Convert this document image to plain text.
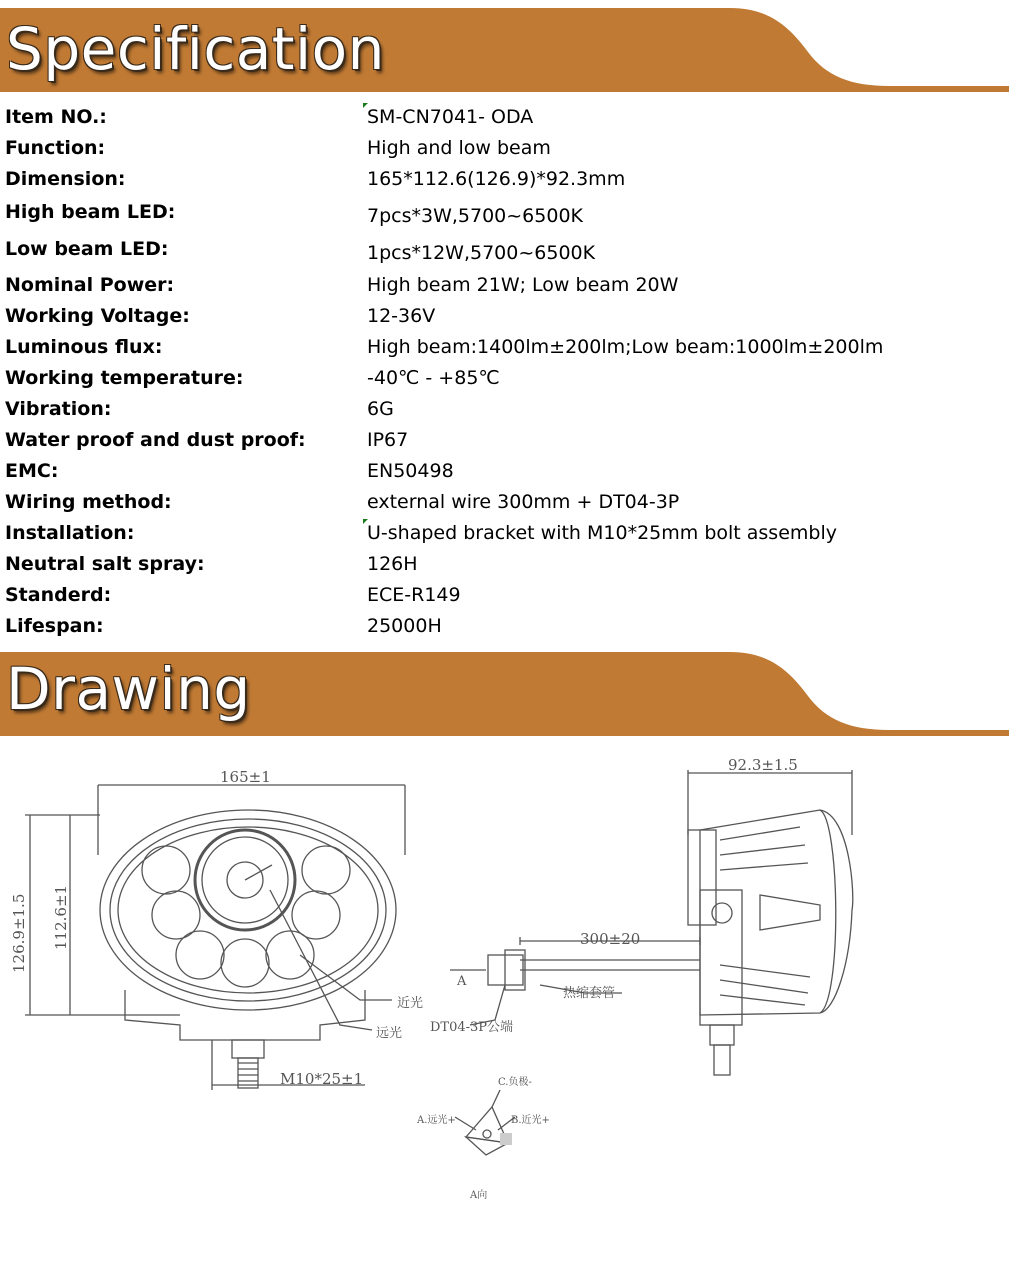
Specification
Item NO.:	SM-CN7041- ODA
Function:	High and low beam
Dimension:	165*112.6(126.9)*92.3mm
High beam LED:	7pcs*3W,5700~6500K
Low beam LED:	1pcs*12W,5700~6500K
Nominal Power:	High beam 21W; Low beam 20W
Working Voltage:	12-36V
Luminous flux:	High beam:1400lm±200lm;Low beam:1000lm±200lm
Working temperature:	-40℃ - +85℃
Vibration:	6G
Water proof and dust proof:	IP67
EMC:	EN50498
Wiring method:	external wire 300mm + DT04-3P
Installation:	U-shaped bracket with M10*25mm bolt assembly
Neutral salt spray:	126H
Standerd:	ECE-R149
Lifespan:	25000H
Drawing
165±1
126.9±1.5 112.6±1
M10*25±1
近光
远光 DT04-3P公端
92.3±1.5
300±20
A
热缩套管
C.负极-
A.远光+	B.近光+
A向
